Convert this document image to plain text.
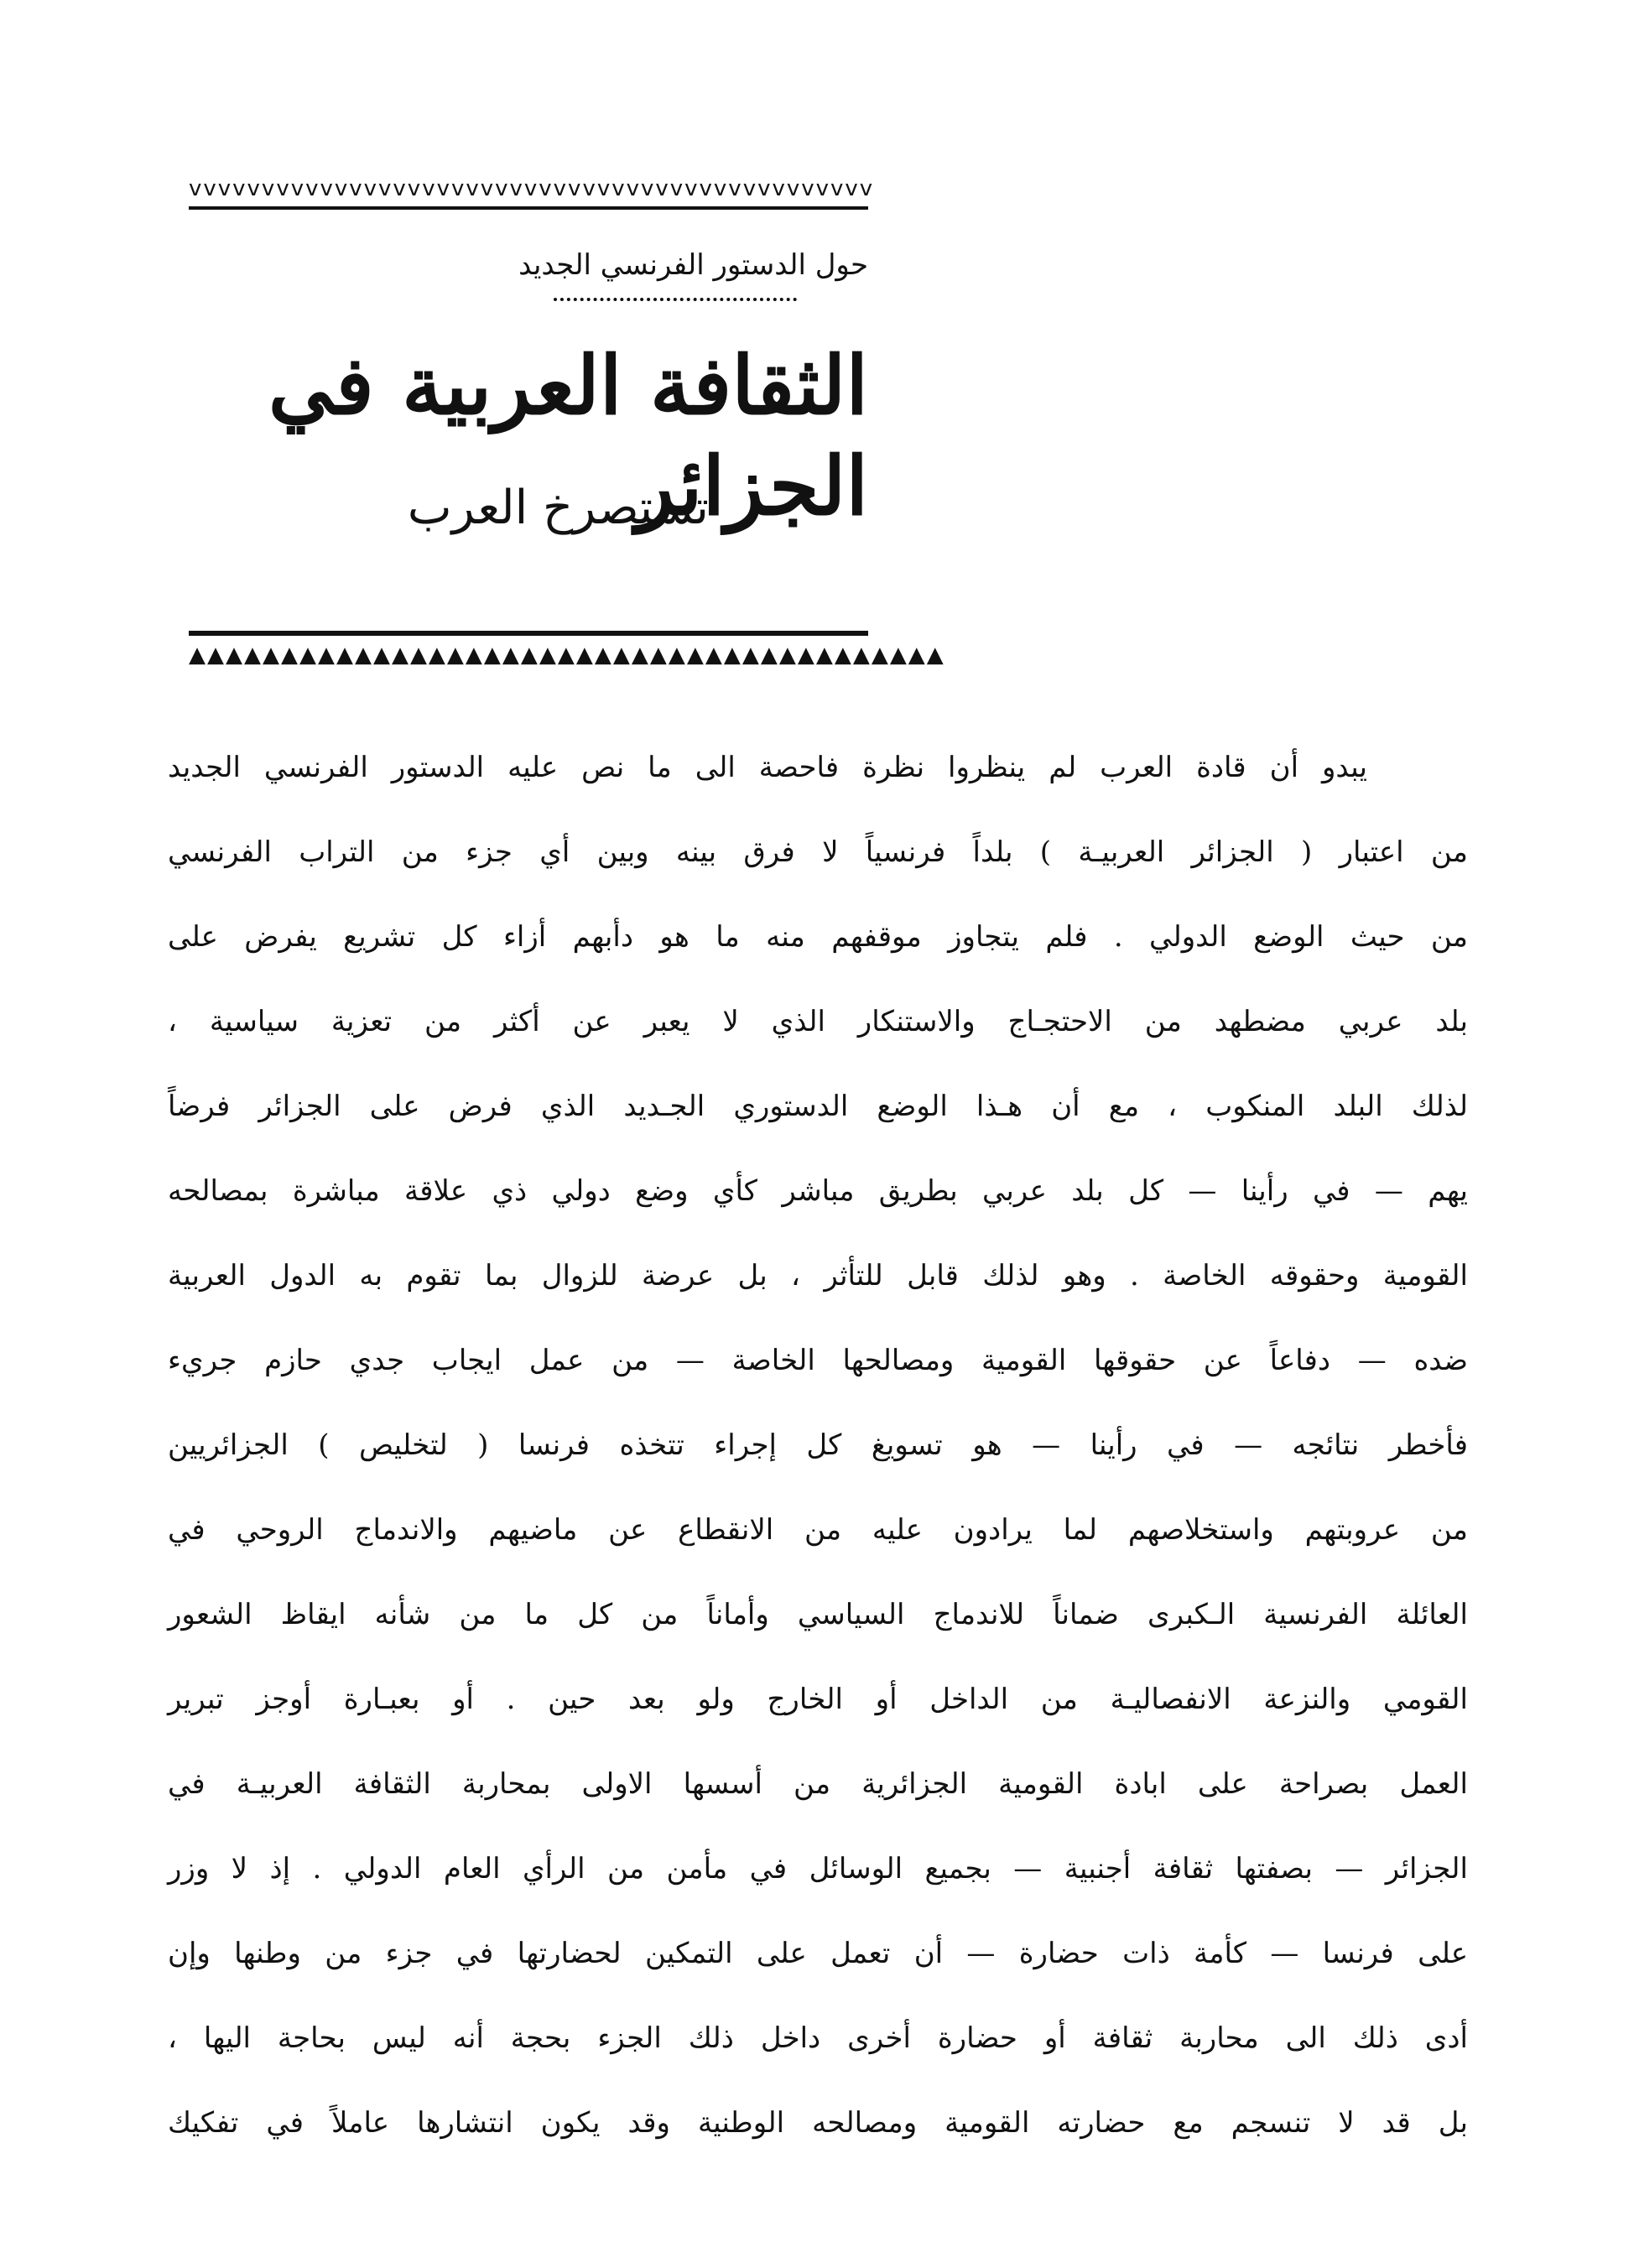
vvvvvvvvvvvvvvvvvvvvvvvvvvvvvvvvvvvvvvvvvvvvvvv
حول الدستور الفرنسي الجديد
الثقافة العربية في الجزائر
تستصرخ العرب
▲▲▲▲▲▲▲▲▲▲▲▲▲▲▲▲▲▲▲▲▲▲▲▲▲▲▲▲▲▲▲▲▲▲▲▲▲▲▲▲▲
يبدو أن قادة العرب لم ينظروا نظرة فاحصة الى ما نص عليه الدستور الفرنسي الجديد
من اعتبار ( الجزائر العربيـة ) بلداً فرنسياً لا فرق بينه وبين أي جزء من التراب الفرنسي
من حيث الوضع الدولي . فلم يتجاوز موقفهم منه ما هو دأبهم أزاء كل تشريع يفرض على
بلد عربي مضطهد من الاحتجـاج والاستنكار الذي لا يعبر عن أكثر من تعزية سياسية ،
لذلك البلد المنكوب ، مع أن هـذا الوضع الدستوري الجـديد الذي فرض على الجزائر فرضاً
يهم — في رأينا — كل بلد عربي بطريق مباشر كأي وضع دولي ذي علاقة مباشرة بمصالحه
القومية وحقوقه الخاصة . وهو لذلك قابل للتأثر ، بل عرضة للزوال بما تقوم به الدول العربية
ضده — دفاعاً عن حقوقها القومية ومصالحها الخاصة — من عمل ايجاب جدي حازم جريء
فأخطر نتائجه — في رأينا — هو تسويغ كل إجراء تتخذه فرنسا ( لتخليص ) الجزائريين
من عروبتهم واستخلاصهم لما يرادون عليه من الانقطاع عن ماضيهم والاندماج الروحي في
العائلة الفرنسية الـكبرى ضماناً للاندماج السياسي وأماناً من كل ما من شأنه ايقاظ الشعور
القومي والنزعة الانفصاليـة من الداخل أو الخارج ولو بعد حين . أو بعبـارة أوجز تبرير
العمل بصراحة على ابادة القومية الجزائرية من أسسها الاولى بمحاربة الثقافة العربيـة في
الجزائر — بصفتها ثقافة أجنبية — بجميع الوسائل في مأمن من الرأي العام الدولي . إذ لا وزر
على فرنسا — كأمة ذات حضارة — أن تعمل على التمكين لحضارتها في جزء من وطنها وإن
أدى ذلك الى محاربة ثقافة أو حضارة أخرى داخل ذلك الجزء بحجة أنه ليس بحاجة اليها ،
بل قد لا تنسجم مع حضارته القومية ومصالحه الوطنية وقد يكون انتشارها عاملاً في تفكيك
